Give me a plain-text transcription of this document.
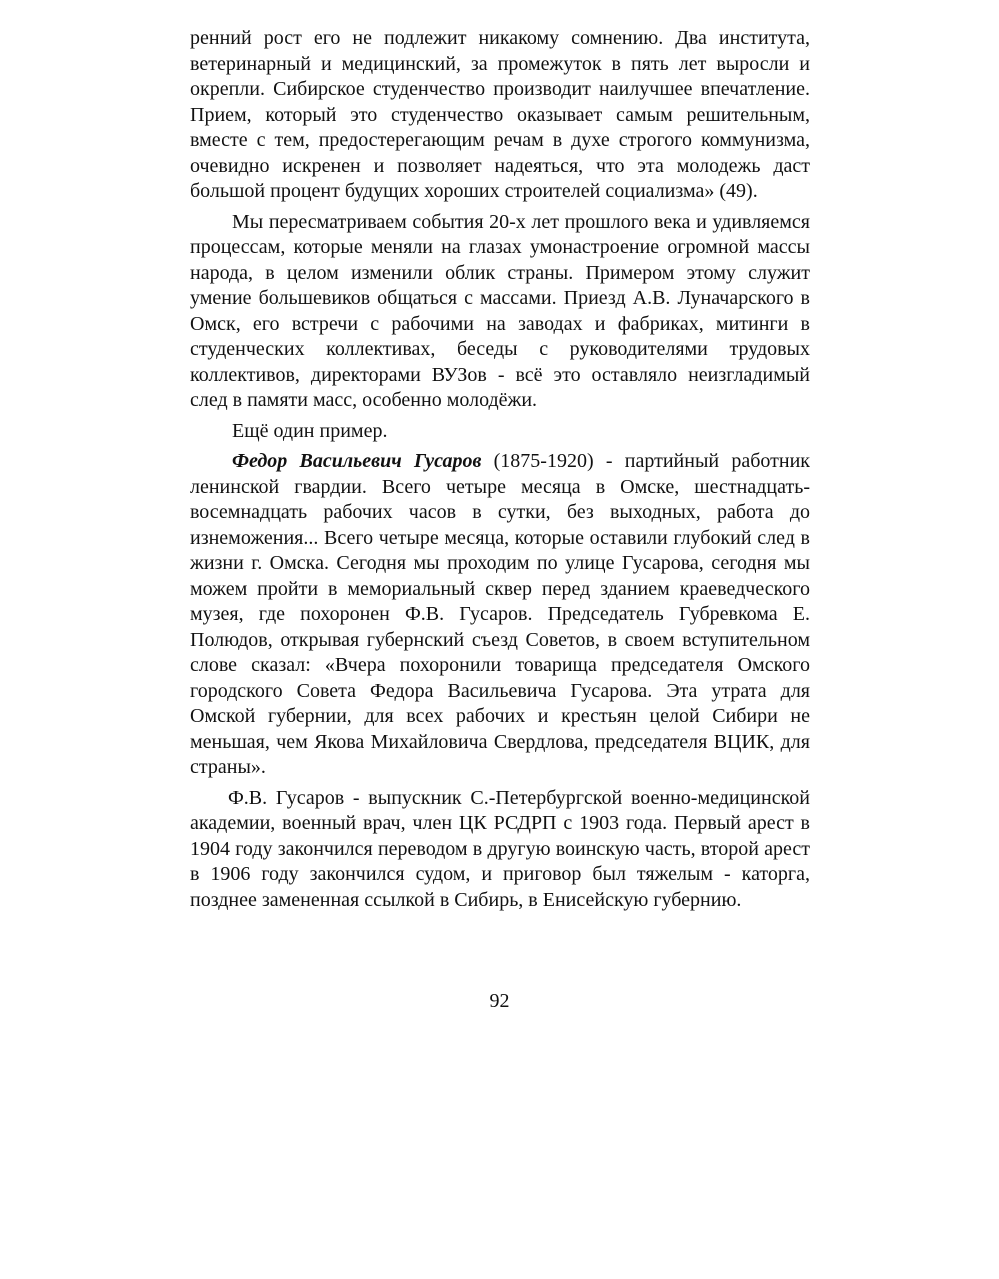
ренний рост его не подлежит никакому сомнению. Два института, ветеринарный и медицинский, за промежуток в пять лет выросли и окрепли. Сибирское студенчество производит наилучшее впечатление. Прием, который это студенчество оказывает самым решительным, вместе с тем, предостерегающим речам в духе строгого коммунизма, очевидно искренен и позволяет надеяться, что эта молодежь даст большой процент будущих хороших строителей социализма» (49).

Мы пересматриваем события 20-х лет прошлого века и удивляемся процессам, которые меняли на глазах умонастроение огромной массы народа, в целом изменили облик страны. Примером этому служит умение большевиков общаться с массами. Приезд А.В. Луначарского в Омск, его встречи с рабочими на заводах и фабриках, митинги в студенческих коллективах, беседы с руководителями трудовых коллективов, директорами ВУЗов - всё это оставляло неизгладимый след в памяти масс, особенно молодёжи.

Ещё один пример.

Федор Васильевич Гусаров (1875-1920) - партийный работник ленинской гвардии. Всего четыре месяца в Омске, шестнадцать-восемнадцать рабочих часов в сутки, без выходных, работа до изнеможения... Всего четыре месяца, которые оставили глубокий след в жизни г. Омска. Сегодня мы проходим по улице Гусарова, сегодня мы можем пройти в мемориальный сквер перед зданием краеведческого музея, где похоронен Ф.В. Гусаров. Председатель Губревкома Е. Полюдов, открывая губернский съезд Советов, в своем вступительном слове сказал: «Вчера похоронили товарища председателя Омского городского Совета Федора Васильевича Гусарова. Эта утрата для Омской губернии, для всех рабочих и крестьян целой Сибири не меньшая, чем Якова Михайловича Свердлова, председателя ВЦИК, для страны».

Ф.В. Гусаров - выпускник С.-Петербургской военно-медицинской академии, военный врач, член ЦК РСДРП с 1903 года. Первый арест в 1904 году закончился переводом в другую воинскую часть, второй арест в 1906 году закончился судом, и приговор был тяжелым - каторга, позднее замененная ссылкой в Сибирь, в Енисейскую губернию.

92
